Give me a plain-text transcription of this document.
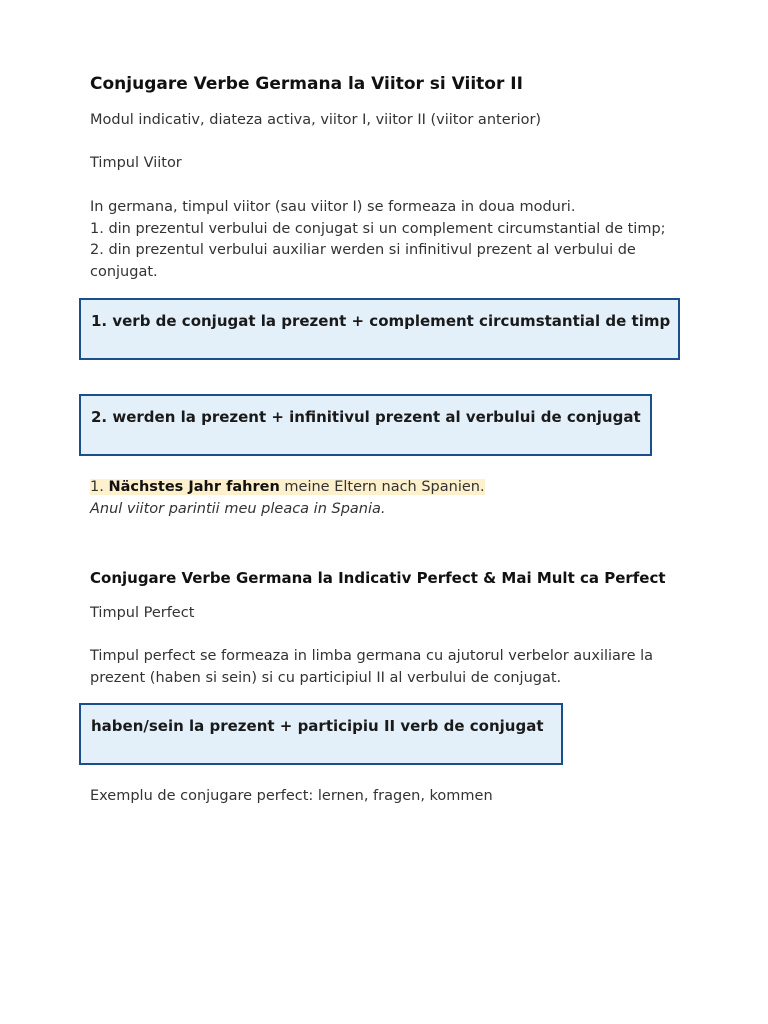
Conjugare Verbe Germana la Viitor si Viitor II

Modul indicativ, diateza activa, viitor I, viitor II (viitor anterior)

Timpul Viitor

In germana, timpul viitor (sau viitor I) se formeaza in doua moduri.
1. din prezentul verbului de conjugat si un complement circumstantial de timp;
2. din prezentul verbului auxiliar werden si infinitivul prezent al verbului de
conjugat.
1. verb de conjugat la prezent + complement circumstantial de timp
2. werden la prezent + infinitivul prezent al verbului de conjugat
1. Nächstes Jahr fahren meine Eltern nach Spanien.
Anul viitor parintii meu pleaca in Spania.
Conjugare Verbe Germana la Indicativ Perfect & Mai Mult ca Perfect

Timpul Perfect

Timpul perfect se formeaza in limba germana cu ajutorul verbelor auxiliare la
prezent (haben si sein) si cu participiul II al verbului de conjugat.
haben/sein la prezent + participiu II verb de conjugat

Exemplu de conjugare perfect: lernen, fragen, kommen
